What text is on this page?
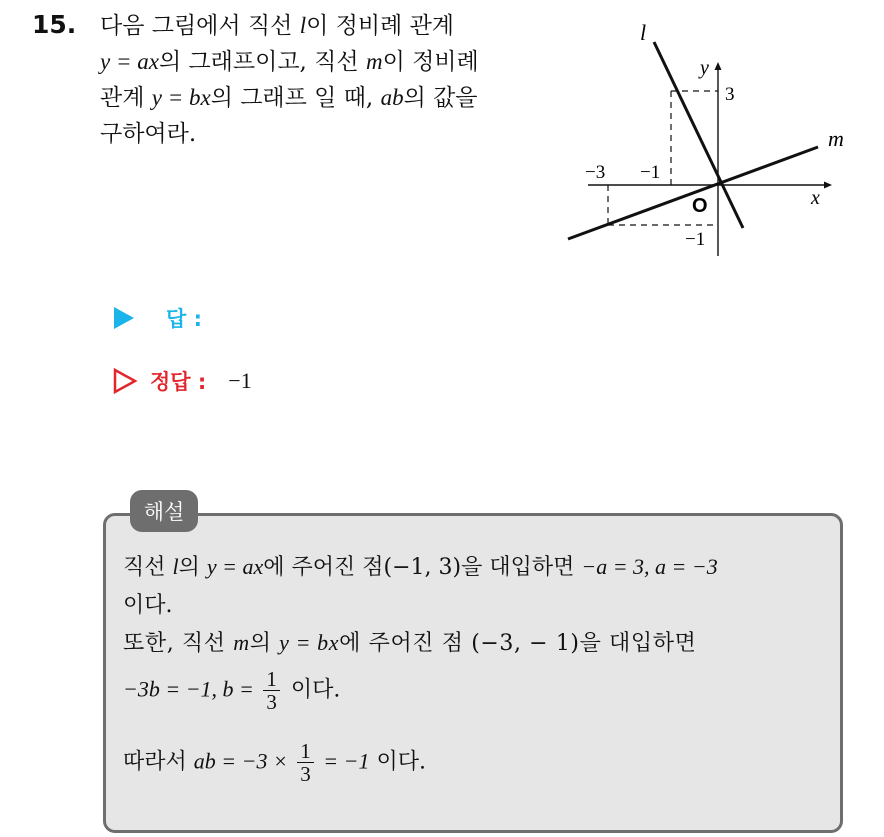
15. 다음 그림에서 직선 l이 정비례 관계
y = ax의 그래프이고, 직선 m이 정비례
관계 y = bx의 그래프 일 때, ab의 값을
구하여라.
l
m
y
x
O
3
−1
−3 −1
답 :
정답 : −1
해설
직선 l의 y = ax에 주어진 점(−1, 3)을 대입하면 −a = 3, a = −3
이다.
또한, 직선 m의 y = bx에 주어진 점 (−3, − 1)을 대입하면
−3b = −1, $b = \frac{1}{3}$ 이다.
따라서 ab = $-3 \times \frac{1}{3} = -1$ 이다.
